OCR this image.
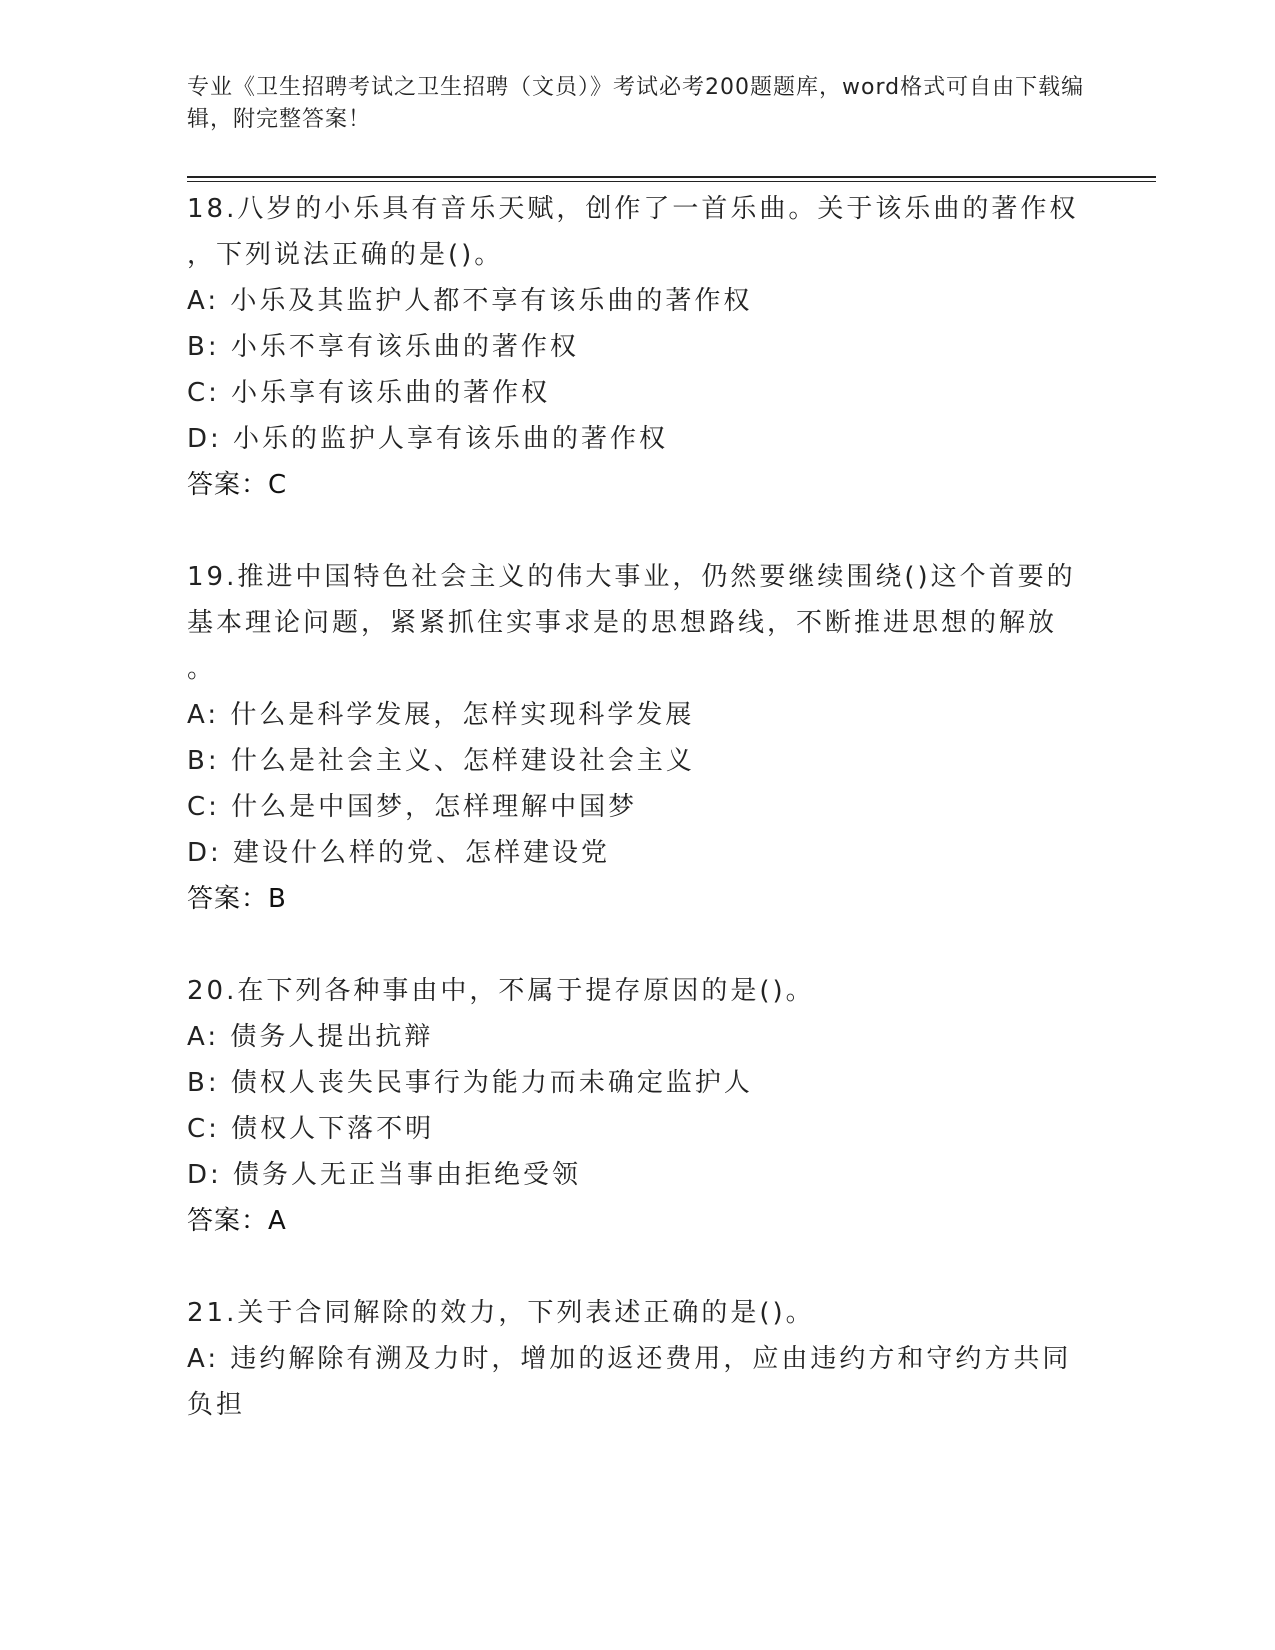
专业《卫生招聘考试之卫生招聘（文员）》考试必考200题题库，word格式可自由下载编辑，附完整答案！
18.八岁的小乐具有音乐天赋，创作了一首乐曲。关于该乐曲的著作权
，下列说法正确的是()。
A: 小乐及其监护人都不享有该乐曲的著作权
B: 小乐不享有该乐曲的著作权
C: 小乐享有该乐曲的著作权
D: 小乐的监护人享有该乐曲的著作权
答案：C
19.推进中国特色社会主义的伟大事业，仍然要继续围绕()这个首要的
基本理论问题，紧紧抓住实事求是的思想路线，不断推进思想的解放
。
A: 什么是科学发展，怎样实现科学发展
B: 什么是社会主义、怎样建设社会主义
C: 什么是中国梦，怎样理解中国梦
D: 建设什么样的党、怎样建设党
答案：B
20.在下列各种事由中，不属于提存原因的是()。
A: 债务人提出抗辩
B: 债权人丧失民事行为能力而未确定监护人
C: 债权人下落不明
D: 债务人无正当事由拒绝受领
答案：A
21.关于合同解除的效力，下列表述正确的是()。
A: 违约解除有溯及力时，增加的返还费用，应由违约方和守约方共同
负担
